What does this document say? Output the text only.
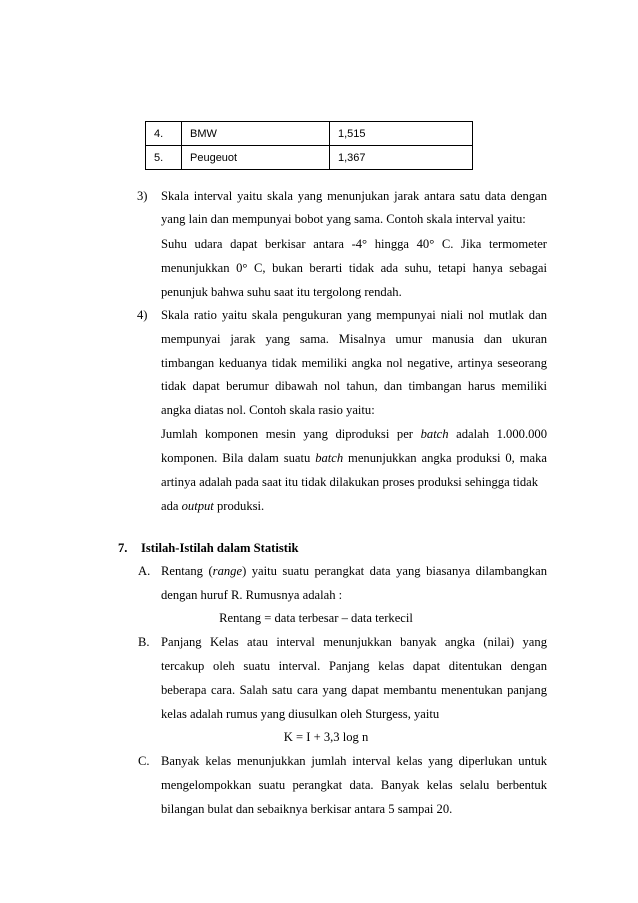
4.	BMW	1,515
5.	Peugeuot	1,367
3) Skala interval yaitu skala yang menunjukan jarak antara satu data dengan
yang lain dan mempunyai bobot yang sama. Contoh skala interval yaitu:
Suhu udara dapat berkisar antara -4° hingga 40° C. Jika termometer
menunjukkan 0° C, bukan berarti tidak ada suhu, tetapi hanya sebagai
penunjuk bahwa suhu saat itu tergolong rendah.
4) Skala ratio yaitu skala pengukuran yang mempunyai niali nol mutlak dan
mempunyai jarak yang sama. Misalnya umur manusia dan ukuran
timbangan keduanya tidak memiliki angka nol negative, artinya seseorang
tidak dapat berumur dibawah nol tahun, dan timbangan harus memiliki
angka diatas nol. Contoh skala rasio yaitu:
Jumlah komponen mesin yang diproduksi per batch adalah 1.000.000
komponen. Bila dalam suatu batch menunjukkan angka produksi 0, maka
artinya adalah pada saat itu tidak dilakukan proses produksi sehingga tidak
ada output produksi.
7. Istilah-Istilah dalam Statistik
A. Rentang (range) yaitu suatu perangkat data yang biasanya dilambangkan
dengan huruf R. Rumusnya adalah :
Rentang = data terbesar – data terkecil
B. Panjang Kelas atau interval menunjukkan banyak angka (nilai) yang
tercakup oleh suatu interval. Panjang kelas dapat ditentukan dengan
beberapa cara. Salah satu cara yang dapat membantu menentukan panjang
kelas adalah rumus yang diusulkan oleh Sturgess, yaitu
K = I + 3,3 log n
C. Banyak kelas menunjukkan jumlah interval kelas yang diperlukan untuk
mengelompokkan suatu perangkat data. Banyak kelas selalu berbentuk
bilangan bulat dan sebaiknya berkisar antara 5 sampai 20.
